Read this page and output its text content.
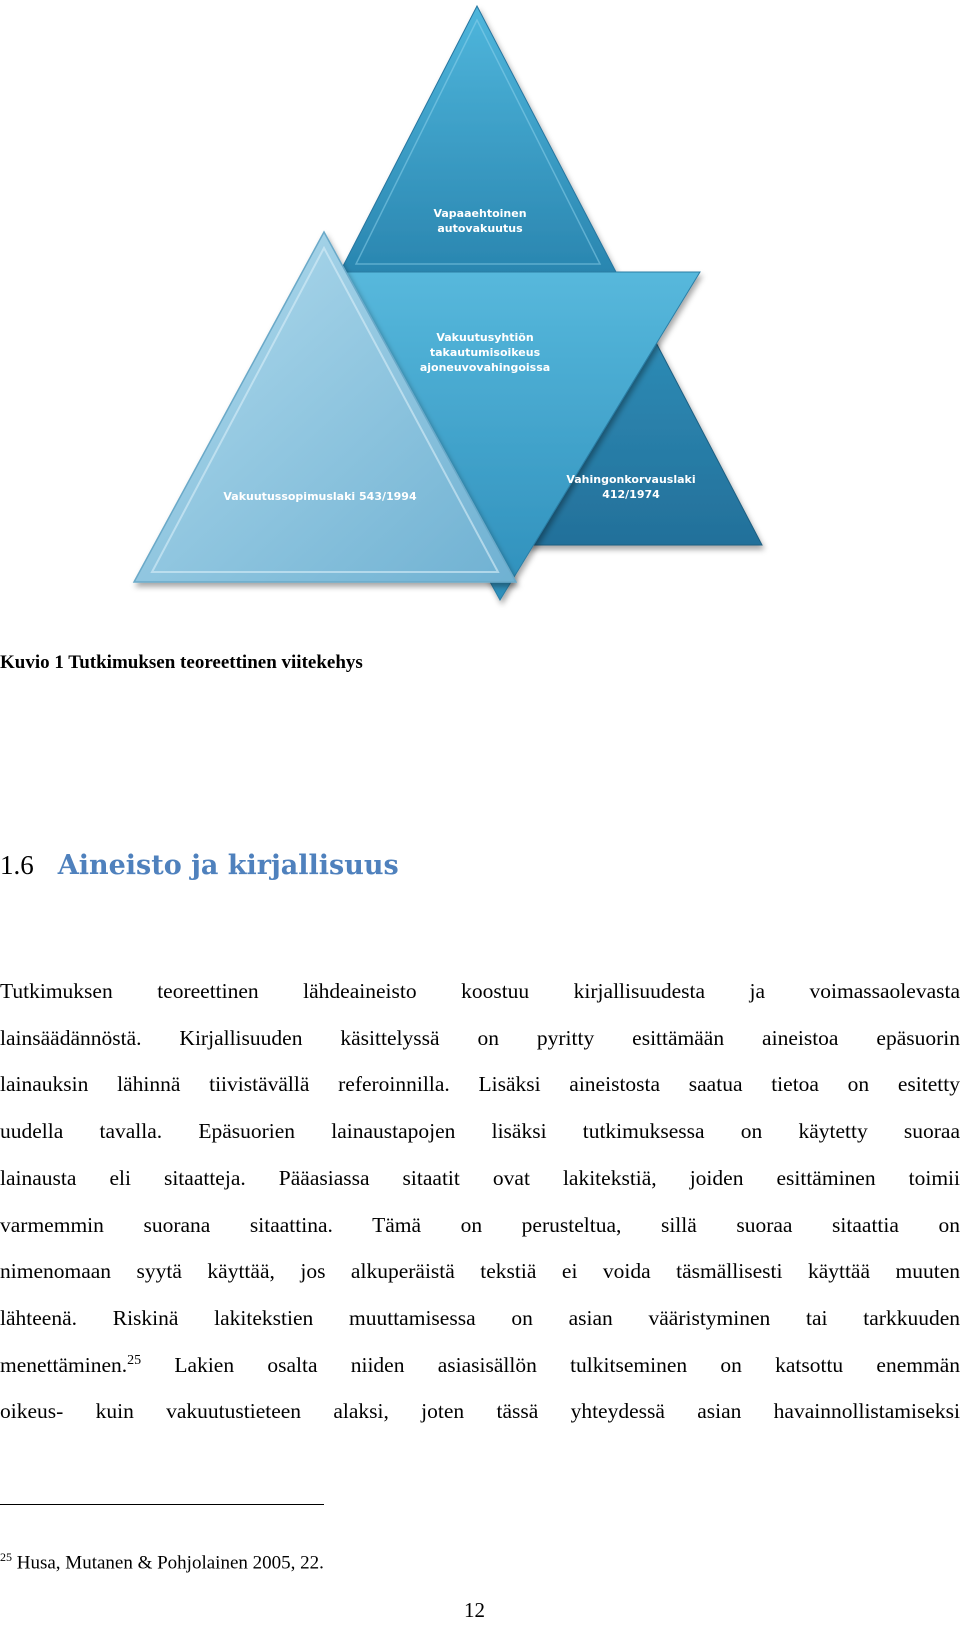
Vapaaehtoinen
autovakuutus
Vakuutusyhtiön
takautumisoikeus
ajoneuvovahingoissa
Vakuutussopimuslaki 543/1994
Vahingonkorvauslaki
412/1974
Kuvio 1 Tutkimuksen teoreettinen viitekehys
1.6 Aineisto ja kirjallisuus
Tutkimuksen teoreettinen lähdeaineisto koostuu kirjallisuudesta ja voimassaolevasta
lainsäädännöstä. Kirjallisuuden käsittelyssä on pyritty esittämään aineistoa epäsuorin
lainauksin lähinnä tiivistävällä referoinnilla. Lisäksi aineistosta saatua tietoa on esitetty
uudella tavalla. Epäsuorien lainaustapojen lisäksi tutkimuksessa on käytetty suoraa
lainausta eli sitaatteja. Pääasiassa sitaatit ovat lakitekstiä, joiden esittäminen toimii
varmemmin suorana sitaattina. Tämä on perusteltua, sillä suoraa sitaattia on
nimenomaan syytä käyttää, jos alkuperäistä tekstiä ei voida täsmällisesti käyttää muuten
lähteenä. Riskinä lakitekstien muuttamisessa on asian vääristyminen tai tarkkuuden
menettäminen.$^{25}$ Lakien osalta niiden asiasisällön tulkitseminen on katsottu enemmän
oikeus- kuin vakuutustieteen alaksi, joten tässä yhteydessä asian havainnollistamiseksi
$^{25}$ Husa, Mutanen & Pohjolainen 2005, 22.
12
